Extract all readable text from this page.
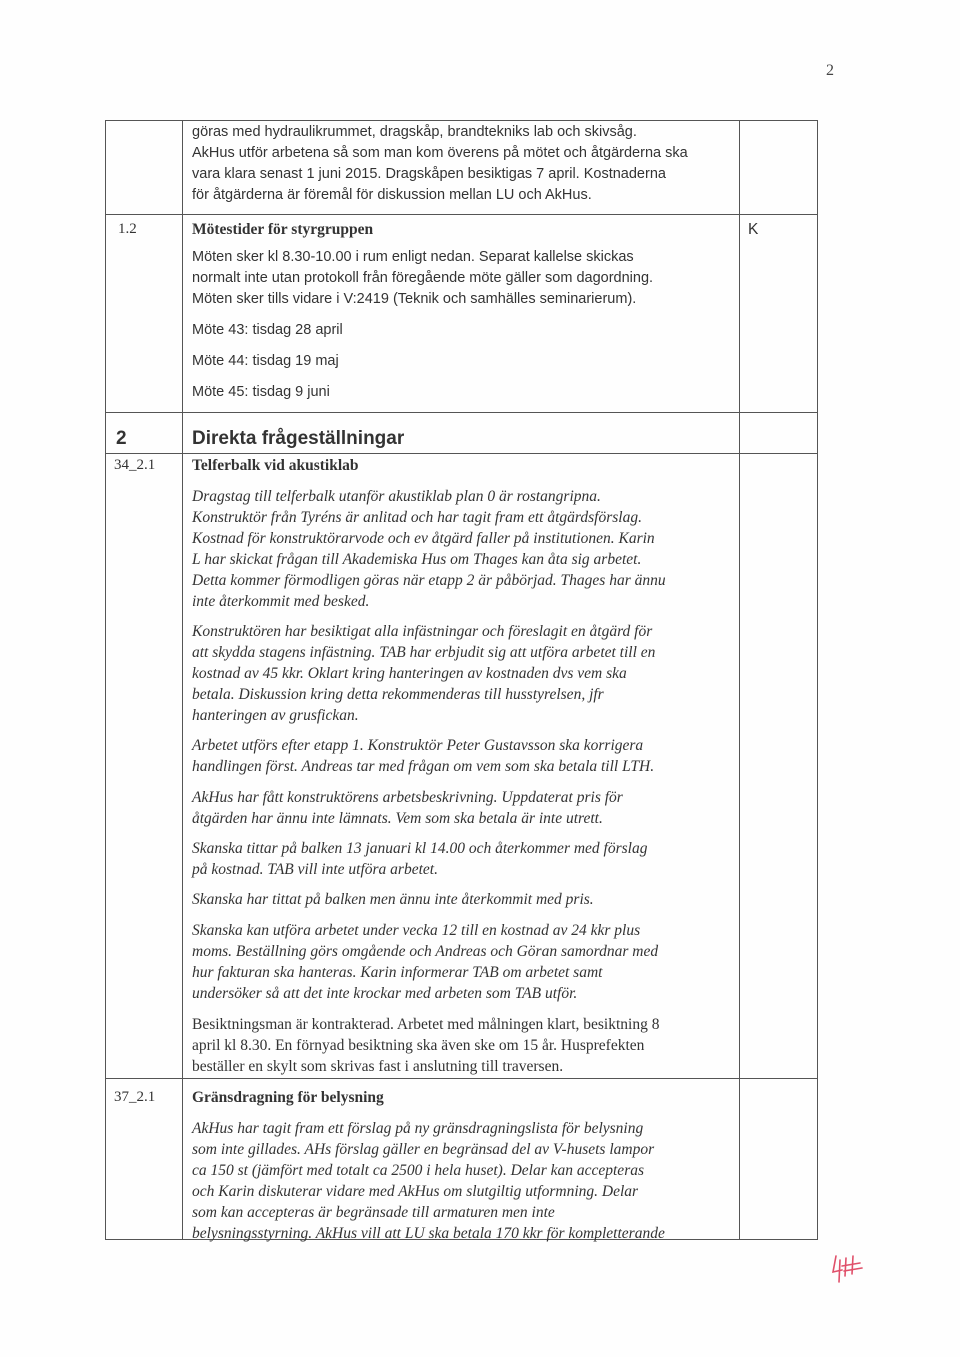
2
göras med hydraulikrummet, dragskåp, brandtekniks lab och skivsåg.
AkHus utför arbetena så som man kom överens på mötet och åtgärderna ska
vara klara senast 1 juni 2015. Dragskåpen besiktigas 7 april. Kostnaderna
för åtgärderna är föremål för diskussion mellan LU och AkHus.
1.2	Mötestider för styrgruppen	K
Möten sker kl 8.30-10.00 i rum enligt nedan. Separat kallelse skickas
normalt inte utan protokoll från föregående möte gäller som dagordning.
Möten sker tills vidare i V:2419 (Teknik och samhälles seminarierum).
Möte 43: tisdag 28 april
Möte 44: tisdag 19 maj
Möte 45: tisdag 9 juni
2	Direkta frågeställningar
34_2.1 Telferbalk vid akustiklab
Dragstag till telferbalk utanför akustiklab plan 0 är rostangripna.
Konstruktör från Tyréns är anlitad och har tagit fram ett åtgärdsförslag.
Kostnad för konstruktörarvode och ev åtgärd faller på institutionen. Karin
L har skickat frågan till Akademiska Hus om Thages kan åta sig arbetet.
Detta kommer förmodligen göras när etapp 2 är påbörjad. Thages har ännu
inte återkommit med besked.
Konstruktören har besiktigat alla infästningar och föreslagit en åtgärd för
att skydda stagens infästning. TAB har erbjudit sig att utföra arbetet till en
kostnad av 45 kkr. Oklart kring hanteringen av kostnaden dvs vem ska
betala. Diskussion kring detta rekommenderas till husstyrelsen, jfr
hanteringen av grusfickan.
Arbetet utförs efter etapp 1. Konstruktör Peter Gustavsson ska korrigera
handlingen först. Andreas tar med frågan om vem som ska betala till LTH.
AkHus har fått konstruktörens arbetsbeskrivning. Uppdaterat pris för
åtgärden har ännu inte lämnats. Vem som ska betala är inte utrett.
Skanska tittar på balken 13 januari kl 14.00 och återkommer med förslag
på kostnad. TAB vill inte utföra arbetet.
Skanska har tittat på balken men ännu inte återkommit med pris.
Skanska kan utföra arbetet under vecka 12 till en kostnad av 24 kkr plus
moms. Beställning görs omgående och Andreas och Göran samordnar med
hur fakturan ska hanteras. Karin informerar TAB om arbetet samt
undersöker så att det inte krockar med arbeten som TAB utför.
Besiktningsman är kontrakterad. Arbetet med målningen klart, besiktning 8
april kl 8.30. En förnyad besiktning ska även ske om 15 år. Husprefekten
beställer en skylt som skrivas fast i anslutning till traversen.
37_2.1 Gränsdragning för belysning
AkHus har tagit fram ett förslag på ny gränsdragningslista för belysning
som inte gillades. AHs förslag gäller en begränsad del av V-husets lampor
ca 150 st (jämfört med totalt ca 2500 i hela huset). Delar kan accepteras
och Karin diskuterar vidare med AkHus om slutgiltig utformning. Delar
som kan accepteras är begränsade till armaturen men inte
belysningsstyrning. AkHus vill att LU ska betala 170 kkr för kompletterande
